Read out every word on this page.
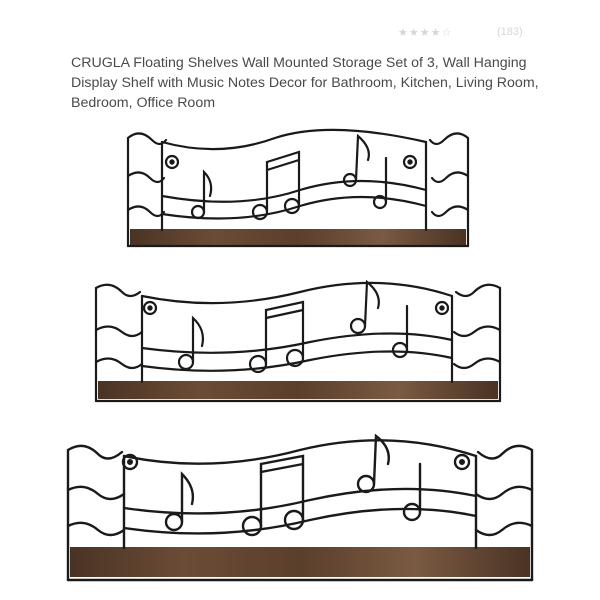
★★★★☆	(183)
CRUGLA Floating Shelves Wall Mounted Storage Set of 3, Wall Hanging Display Shelf with Music Notes Decor for Bathroom, Kitchen, Living Room, Bedroom, Office Room
